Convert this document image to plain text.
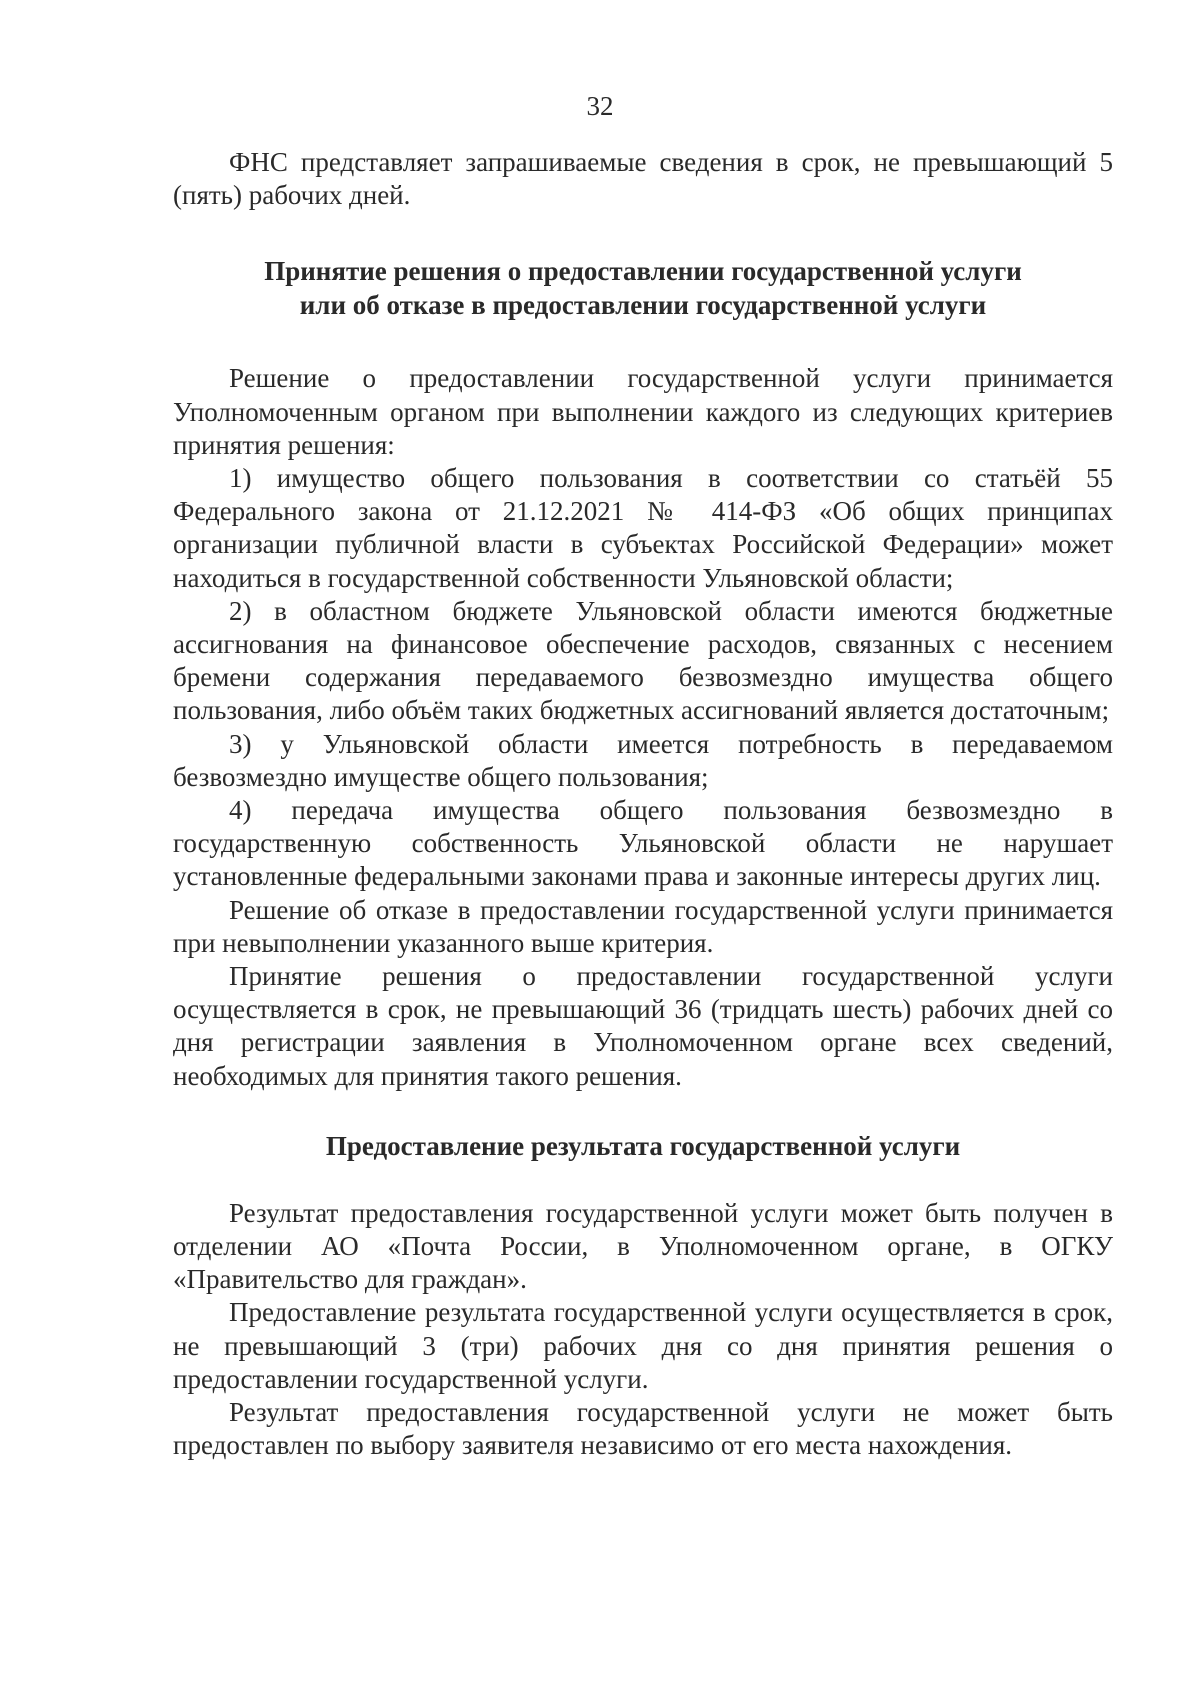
32

ФНС представляет запрашиваемые сведения в срок, не превышающий 5 (пять) рабочих дней.

Принятие решения о предоставлении государственной услуги
или об отказе в предоставлении государственной услуги

Решение о предоставлении государственной услуги принимается Уполномоченным органом при выполнении каждого из следующих критериев принятия решения:

1) имущество общего пользования в соответствии со статьёй 55 Федерального закона от 21.12.2021 № 414-ФЗ «Об общих принципах организации публичной власти в субъектах Российской Федерации» может находиться в государственной собственности Ульяновской области;

2) в областном бюджете Ульяновской области имеются бюджетные ассигнования на финансовое обеспечение расходов, связанных с несением бремени содержания передаваемого безвозмездно имущества общего пользования, либо объём таких бюджетных ассигнований является достаточным;

3) у Ульяновской области имеется потребность в передаваемом безвозмездно имуществе общего пользования;

4) передача имущества общего пользования безвозмездно в государственную собственность Ульяновской области не нарушает установленные федеральными законами права и законные интересы других лиц.

Решение об отказе в предоставлении государственной услуги принимается при невыполнении указанного выше критерия.

Принятие решения о предоставлении государственной услуги осуществляется в срок, не превышающий 36 (тридцать шесть) рабочих дней со дня регистрации заявления в Уполномоченном органе всех сведений, необходимых для принятия такого решения.

Предоставление результата государственной услуги

Результат предоставления государственной услуги может быть получен в отделении АО «Почта России, в Уполномоченном органе, в ОГКУ «Правительство для граждан».

Предоставление результата государственной услуги осуществляется в срок, не превышающий 3 (три) рабочих дня со дня принятия решения о предоставлении государственной услуги.

Результат предоставления государственной услуги не может быть предоставлен по выбору заявителя независимо от его места нахождения.
